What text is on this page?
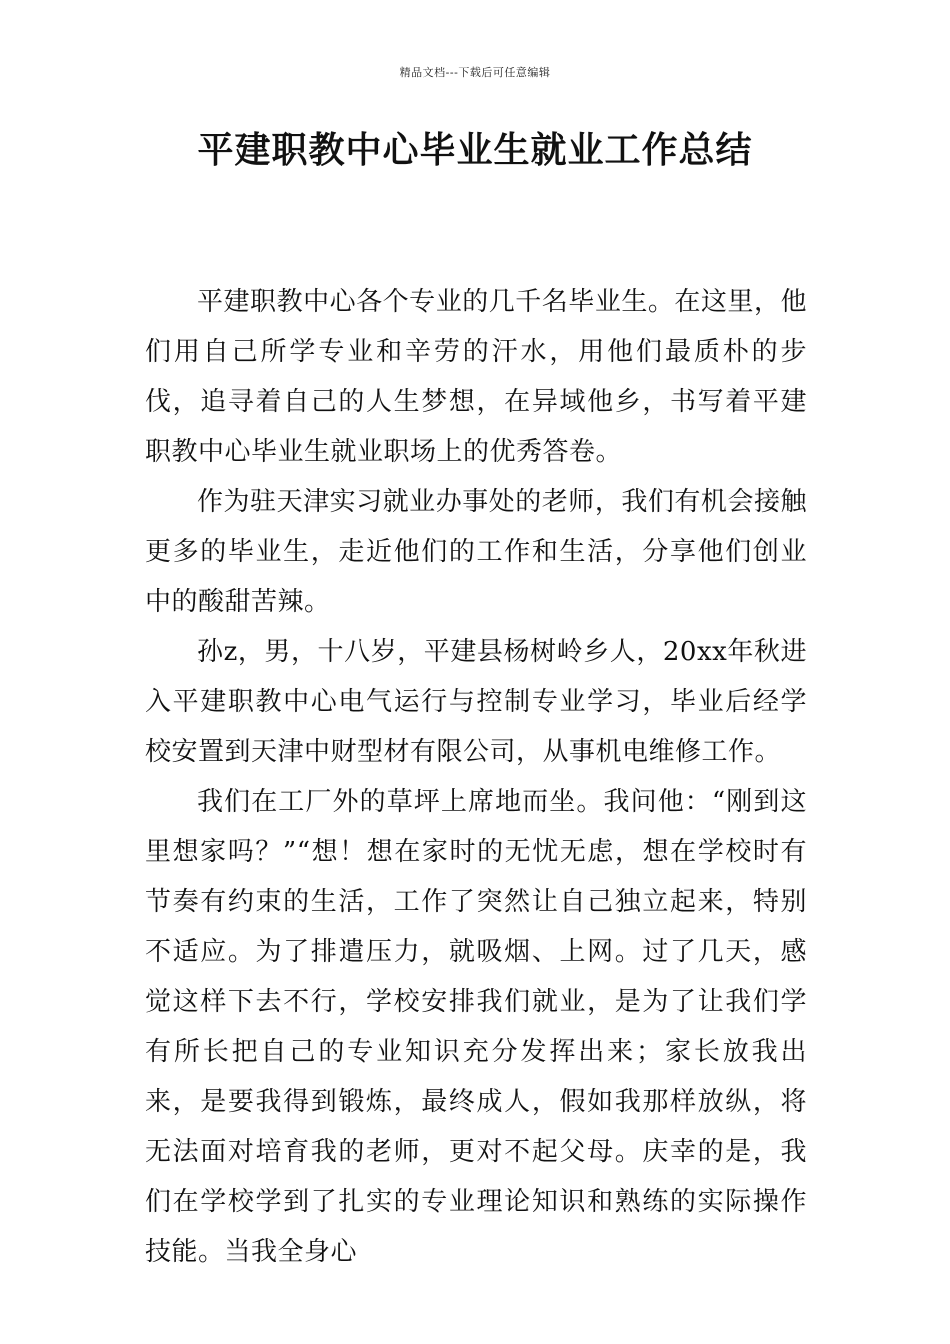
精品文档---下载后可任意编辑
平建职教中心毕业生就业工作总结

平建职教中心各个专业的几千名毕业生。在这里，他们用自己所学专业和辛劳的汗水，用他们最质朴的步伐，追寻着自己的人生梦想，在异域他乡，书写着平建职教中心毕业生就业职场上的优秀答卷。

作为驻天津实习就业办事处的老师，我们有机会接触更多的毕业生，走近他们的工作和生活，分享他们创业中的酸甜苦辣。

孙z，男，十八岁，平建县杨树岭乡人，20xx年秋进入平建职教中心电气运行与控制专业学习，毕业后经学校安置到天津中财型材有限公司，从事机电维修工作。

我们在工厂外的草坪上席地而坐。我问他：“刚到这里想家吗？”“想！想在家时的无忧无虑，想在学校时有节奏有约束的生活，工作了突然让自己独立起来，特别不适应。为了排遣压力，就吸烟、上网。过了几天，感觉这样下去不行，学校安排我们就业，是为了让我们学有所长把自己的专业知识充分发挥出来；家长放我出来，是要我得到锻炼，最终成人，假如我那样放纵，将无法面对培育我的老师，更对不起父母。庆幸的是，我们在学校学到了扎实的专业理论知识和熟练的实际操作技能。当我全身心
